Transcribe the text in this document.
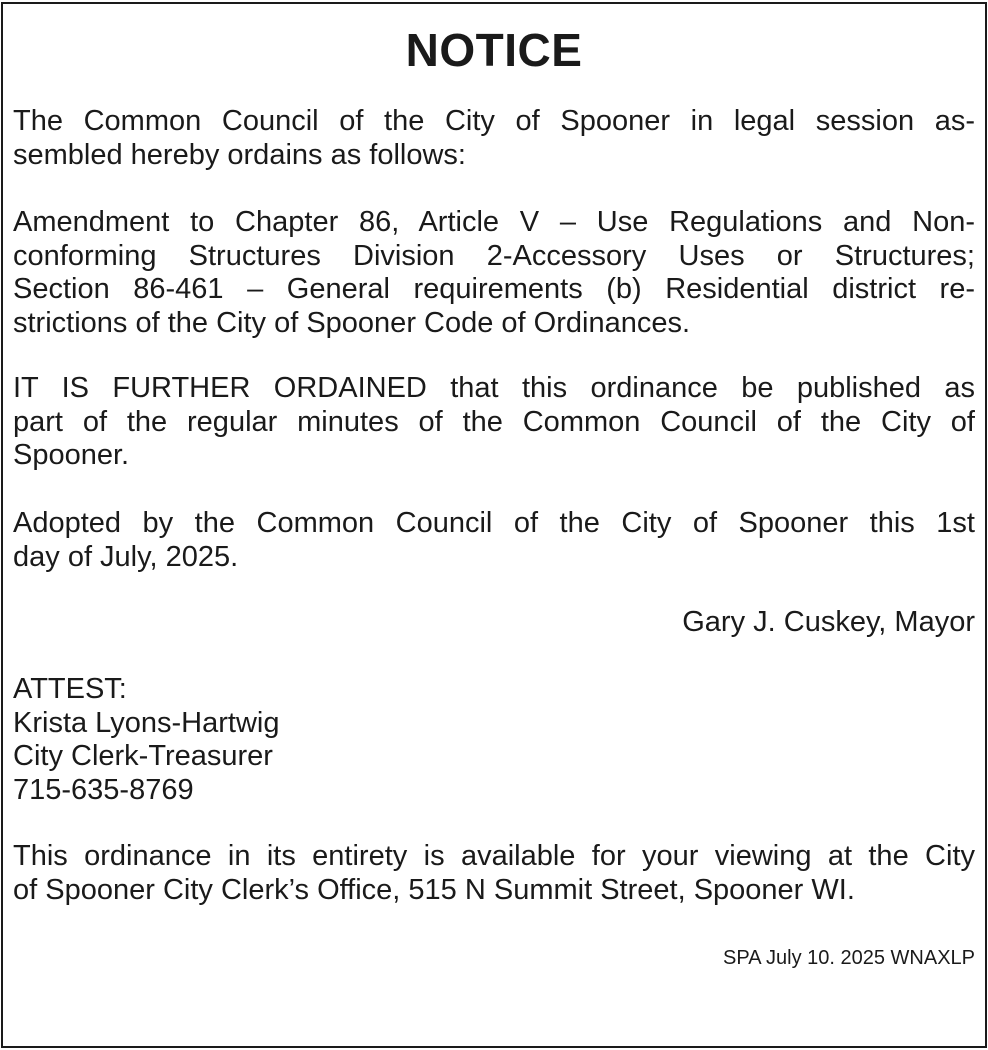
NOTICE
The Common Council of the City of Spooner in legal session as-
sembled hereby ordains as follows:
Amendment to Chapter 86, Article V – Use Regulations and Non-
conforming Structures Division 2-Accessory Uses or Structures;
Section 86-461 – General requirements (b) Residential district re-
strictions of the City of Spooner Code of Ordinances.
IT IS FURTHER ORDAINED that this ordinance be published as
part of the regular minutes of the Common Council of the City of
Spooner.
Adopted by the Common Council of the City of Spooner this 1st
day of July, 2025.
Gary J. Cuskey, Mayor
ATTEST:
Krista Lyons-Hartwig
City Clerk-Treasurer
715-635-8769
This ordinance in its entirety is available for your viewing at the City
of Spooner City Clerk’s Office, 515 N Summit Street, Spooner WI.
SPA July 10. 2025 WNAXLP
